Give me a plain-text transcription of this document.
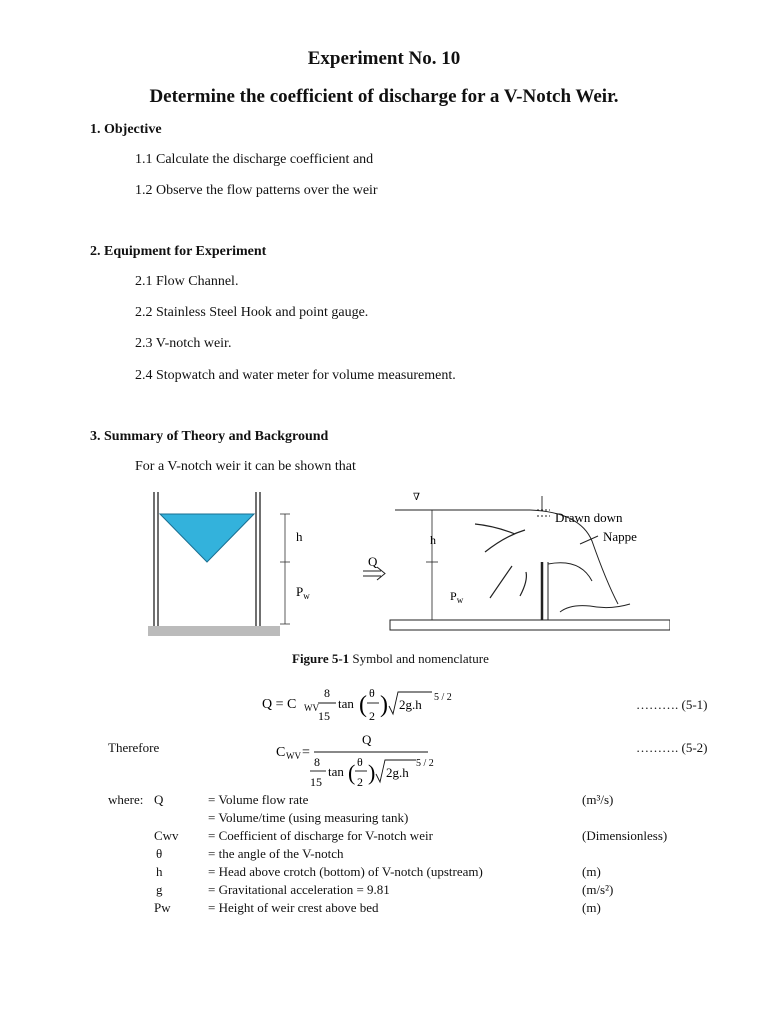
Experiment No. 10
Determine the coefficient of discharge for a V-Notch Weir.
1. Objective
1.1 Calculate the discharge coefficient and
1.2 Observe the flow patterns over the weir
2. Equipment for Experiment
2.1 Flow Channel.
2.2 Stainless Steel Hook and point gauge.
2.3 V-notch weir.
2.4 Stopwatch and water meter for volume measurement.
3. Summary of Theory and Background
For a V-notch weir it can be shown that
h
$P_w$
Q
∇
h
$P_w$
Drawn down
Nappe
Figure 5-1 Symbol and nomenclature
Q = C WV
8
15
tan ( θ
2 ) 2g.h 5 / 2	………. (5-1)
Therefore	C WV =
Q
8
15
tan ( θ
2 ) 2g.h
5 / 2
………. (5-2)
where: Q	= Volume flow rate	(m³/s)
= Volume/time (using measuring tank)
Cwv = Coefficient of discharge for V-notch weir	(Dimensionless)
θ	= the angle of the V-notch
h	= Head above crotch (bottom) of V-notch (upstream)	(m)
g	= Gravitational acceleration = 9.81	(m/s²)
Pw	= Height of weir crest above bed	(m)
